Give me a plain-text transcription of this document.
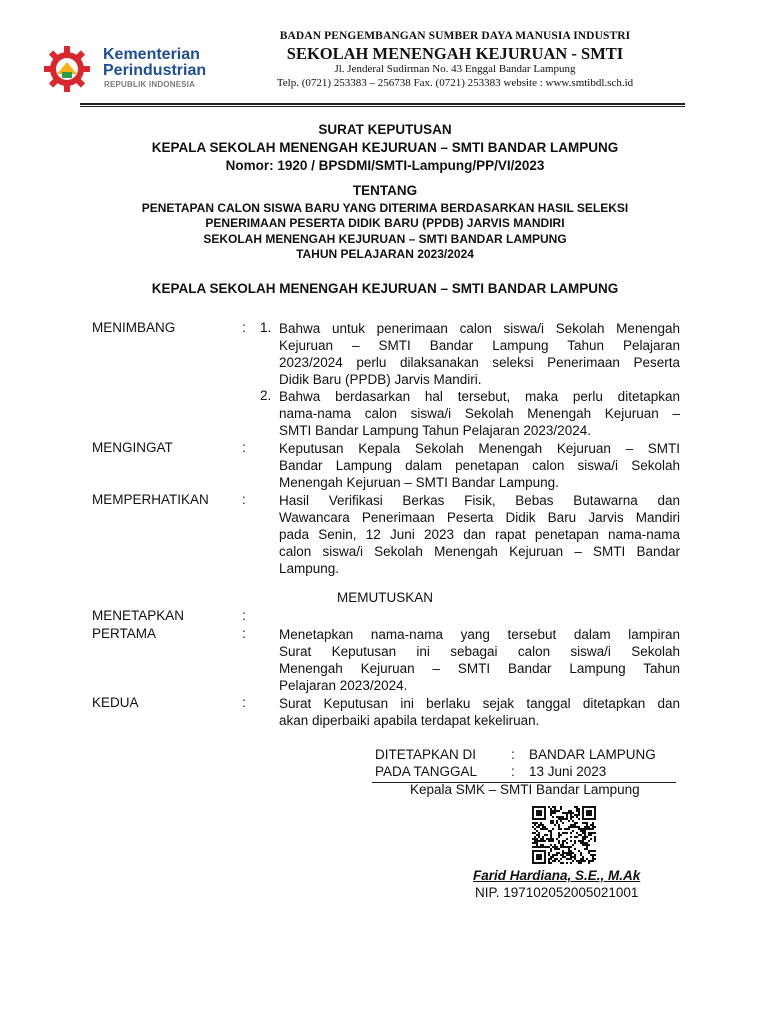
Kementerian
Perindustrian
REPUBLIK INDONESIA
BADAN PENGEMBANGAN SUMBER DAYA MANUSIA INDUSTRI
SEKOLAH MENENGAH KEJURUAN - SMTI
Jl. Jenderal Sudirman No. 43 Enggal Bandar Lampung
Telp. (0721) 253383 – 256738 Fax. (0721) 253383 website : www.smtibdl.sch.id
SURAT KEPUTUSAN
KEPALA SEKOLAH MENENGAH KEJURUAN – SMTI BANDAR LAMPUNG
Nomor: 1920 / BPSDMI/SMTI-Lampung/PP/VI/2023
TENTANG
PENETAPAN CALON SISWA BARU YANG DITERIMA BERDASARKAN HASIL SELEKSI
PENERIMAAN PESERTA DIDIK BARU (PPDB) JARVIS MANDIRI
SEKOLAH MENENGAH KEJURUAN – SMTI BANDAR LAMPUNG
TAHUN PELAJARAN 2023/2024
KEPALA SEKOLAH MENENGAH KEJURUAN – SMTI BANDAR LAMPUNG
MENIMBANG	: 1. Bahwa untuk penerimaan calon siswa/i Sekolah Menengah
Kejuruan – SMTI Bandar Lampung Tahun Pelajaran
2023/2024 perlu dilaksanakan seleksi Penerimaan Peserta
Didik Baru (PPDB) Jarvis Mandiri.
2. Bahwa berdasarkan hal tersebut, maka perlu ditetapkan
nama-nama calon siswa/i Sekolah Menengah Kejuruan –
SMTI Bandar Lampung Tahun Pelajaran 2023/2024.
MENGINGAT	: Keputusan Kepala Sekolah Menengah Kejuruan – SMTI
Bandar Lampung dalam penetapan calon siswa/i Sekolah
Menengah Kejuruan – SMTI Bandar Lampung.
MEMPERHATIKAN : Hasil Verifikasi Berkas Fisik, Bebas Butawarna dan
Wawancara Penerimaan Peserta Didik Baru Jarvis Mandiri
pada Senin, 12 Juni 2023 dan rapat penetapan nama-nama
calon siswa/i Sekolah Menengah Kejuruan – SMTI Bandar
Lampung.
MEMUTUSKAN
MENETAPKAN	:
PERTAMA	: Menetapkan nama-nama yang tersebut dalam lampiran
Surat Keputusan ini sebagai calon siswa/i Sekolah
Menengah Kejuruan – SMTI Bandar Lampung Tahun
Pelajaran 2023/2024.
KEDUA	: Surat Keputusan ini berlaku sejak tanggal ditetapkan dan
akan diperbaiki apabila terdapat kekeliruan.
DITETAPKAN DI	: BANDAR LAMPUNG
PADA TANGGAL	: 13 Juni 2023
Kepala SMK – SMTI Bandar Lampung
Farid Hardiana, S.E., M.Ak
NIP. 197102052005021001
